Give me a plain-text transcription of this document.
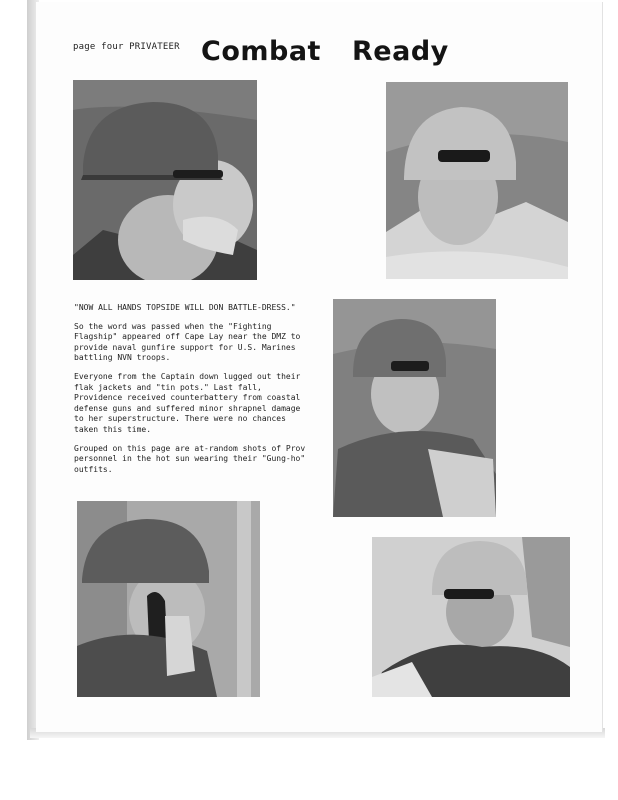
page four PRIVATEER Combat Ready

"NOW ALL HANDS TOPSIDE WILL DON BATTLE-DRESS."

So the word was passed when the "Fighting Flagship" appeared off Cape Lay near the DMZ to provide naval gunfire support for U.S. Marines battling NVN troops.

Everyone from the Captain down lugged out their flak jackets and "tin pots." Last fall, Providence received counterbattery from coastal defense guns and suffered minor shrapnel damage to her superstructure. There were no chances taken this time.

Grouped on this page are at-random shots of Prov personnel in the hot sun wearing their "Gung-ho" outfits.
